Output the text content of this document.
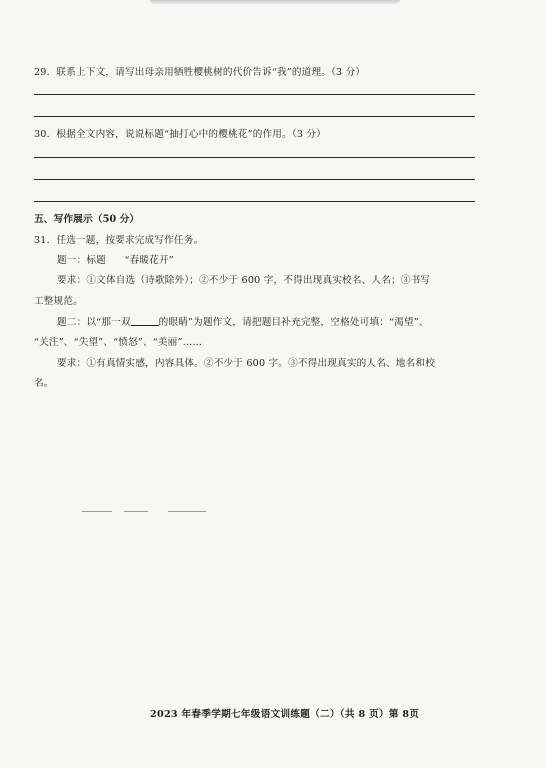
29．联系上下文，请写出母亲用牺牲樱桃树的代价告诉“我”的道理。（3 分）
30．根据全文内容，说说标题“抽打心中的樱桃花”的作用。（3 分）
五、写作展示（50 分）
31．任选一题，按要求完成写作任务。
题一：标题 “春暖花开”
要求：①文体自选（诗歌除外）；②不少于 600 字，不得出现真实校名、人名；③书写
工整规范。
题二：以“那一双	的眼睛”为题作文，请把题目补充完整，空格处可填：“渴望”、
“关注”、“失望”、“愤怒”、“美丽”……
要求：①有真情实感，内容具体。②不少于 600 字。③不得出现真实的人名、地名和校
名。
2023 年春季学期七年级语文训练题（二）（共 8 页）第 8页
